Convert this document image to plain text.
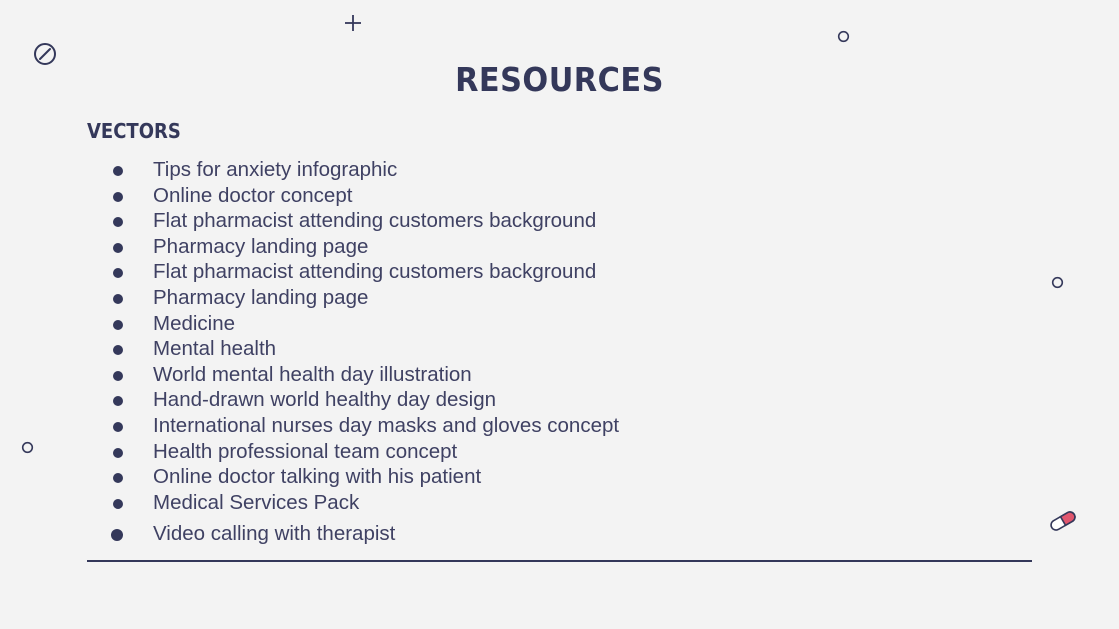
RESOURCES
VECTORS
Tips for anxiety infographic
Online doctor concept
Flat pharmacist attending customers background
Pharmacy landing page
Flat pharmacist attending customers background
Pharmacy landing page
Medicine
Mental health
World mental health day illustration
Hand-drawn world healthy day design
International nurses day masks and gloves concept
Health professional team concept
Online doctor talking with his patient
Medical Services Pack
Video calling with therapist
